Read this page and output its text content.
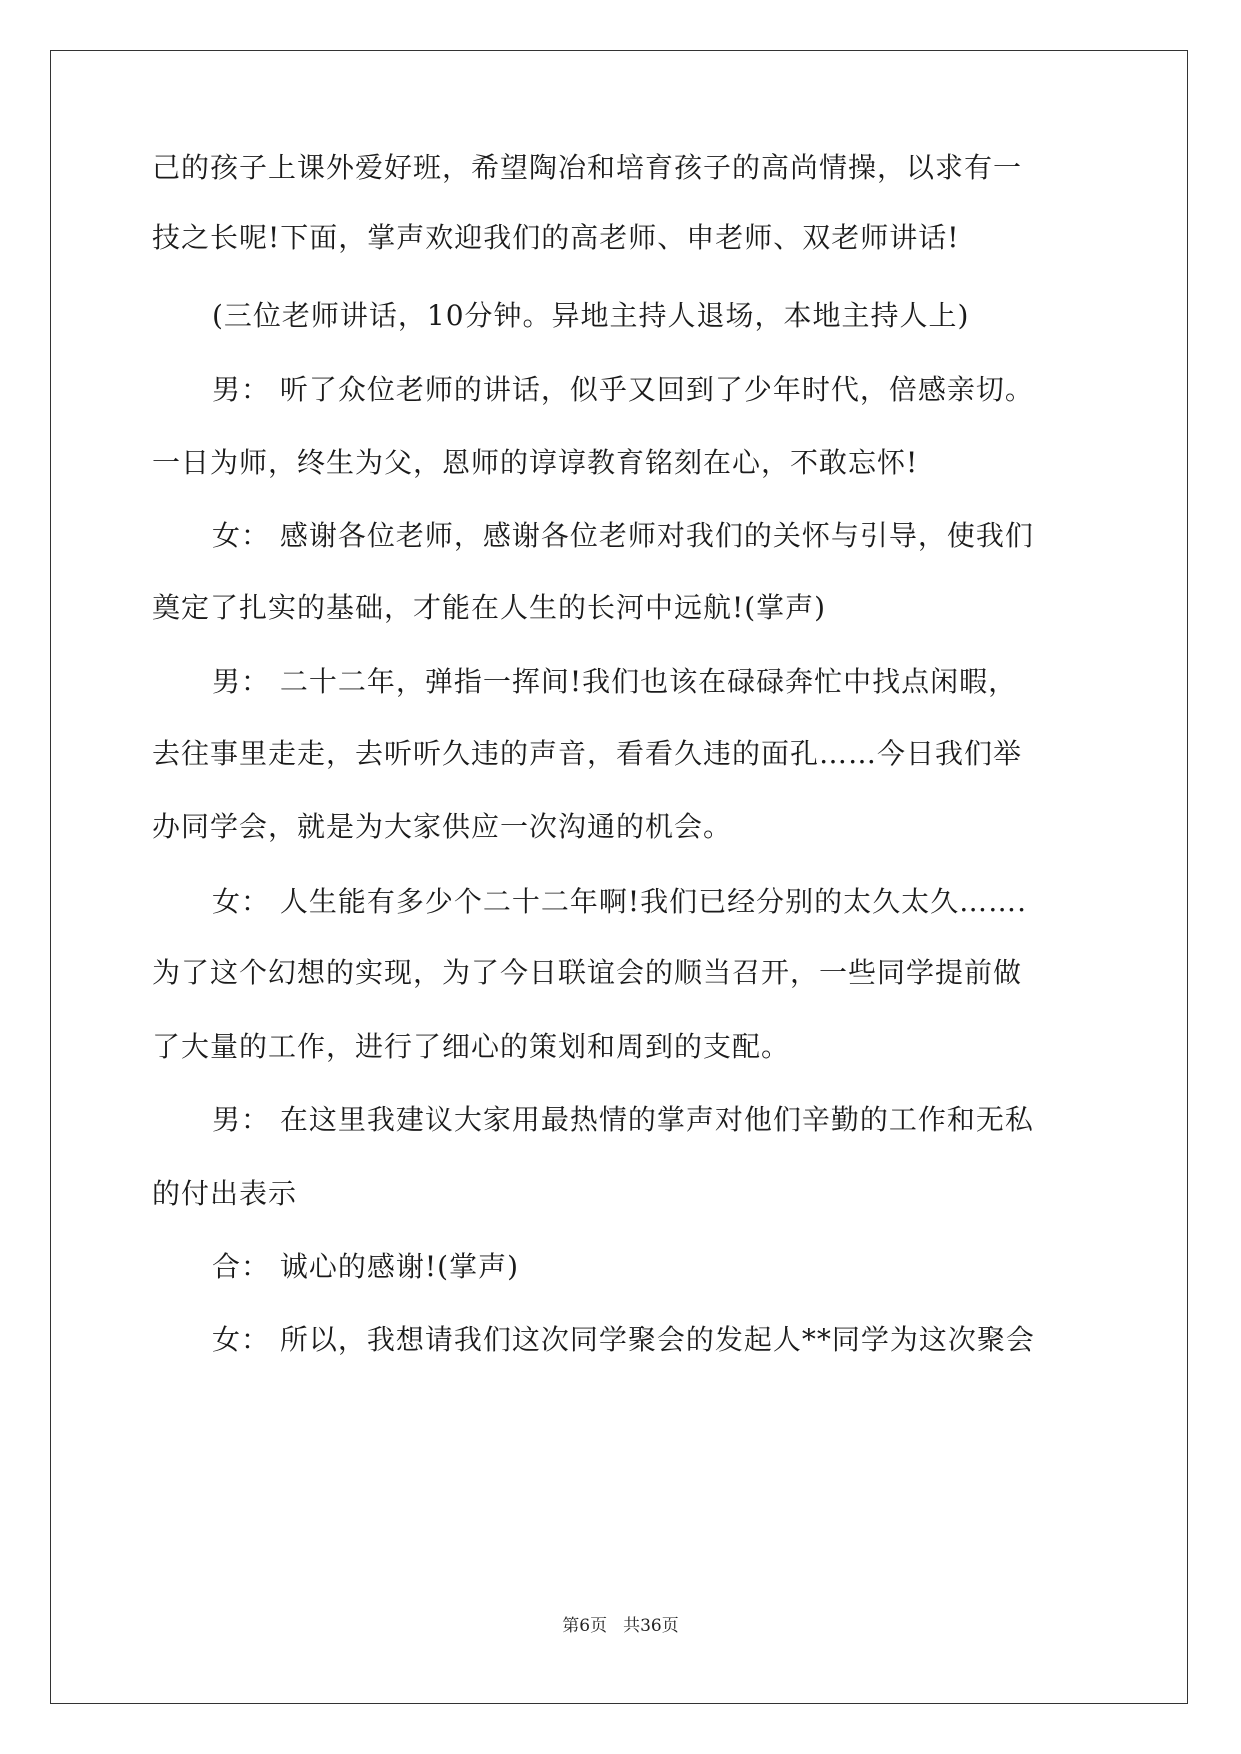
己的孩子上课外爱好班，希望陶冶和培育孩子的高尚情操，以求有一
技之长呢!下面，掌声欢迎我们的高老师、申老师、双老师讲话!
(三位老师讲话，10分钟。异地主持人退场，本地主持人上)
男： 听了众位老师的讲话，似乎又回到了少年时代，倍感亲切。
一日为师，终生为父，恩师的谆谆教育铭刻在心，不敢忘怀!
女： 感谢各位老师，感谢各位老师对我们的关怀与引导，使我们
奠定了扎实的基础，才能在人生的长河中远航!(掌声)
男： 二十二年，弹指一挥间!我们也该在碌碌奔忙中找点闲暇，
去往事里走走，去听听久违的声音，看看久违的面孔……今日我们举
办同学会，就是为大家供应一次沟通的机会。
女： 人生能有多少个二十二年啊!我们已经分别的太久太久…….
为了这个幻想的实现，为了今日联谊会的顺当召开，一些同学提前做
了大量的工作，进行了细心的策划和周到的支配。
男： 在这里我建议大家用最热情的掌声对他们辛勤的工作和无私
的付出表示
合： 诚心的感谢!(掌声)
女： 所以，我想请我们这次同学聚会的发起人**同学为这次聚会
第6页 共36页
